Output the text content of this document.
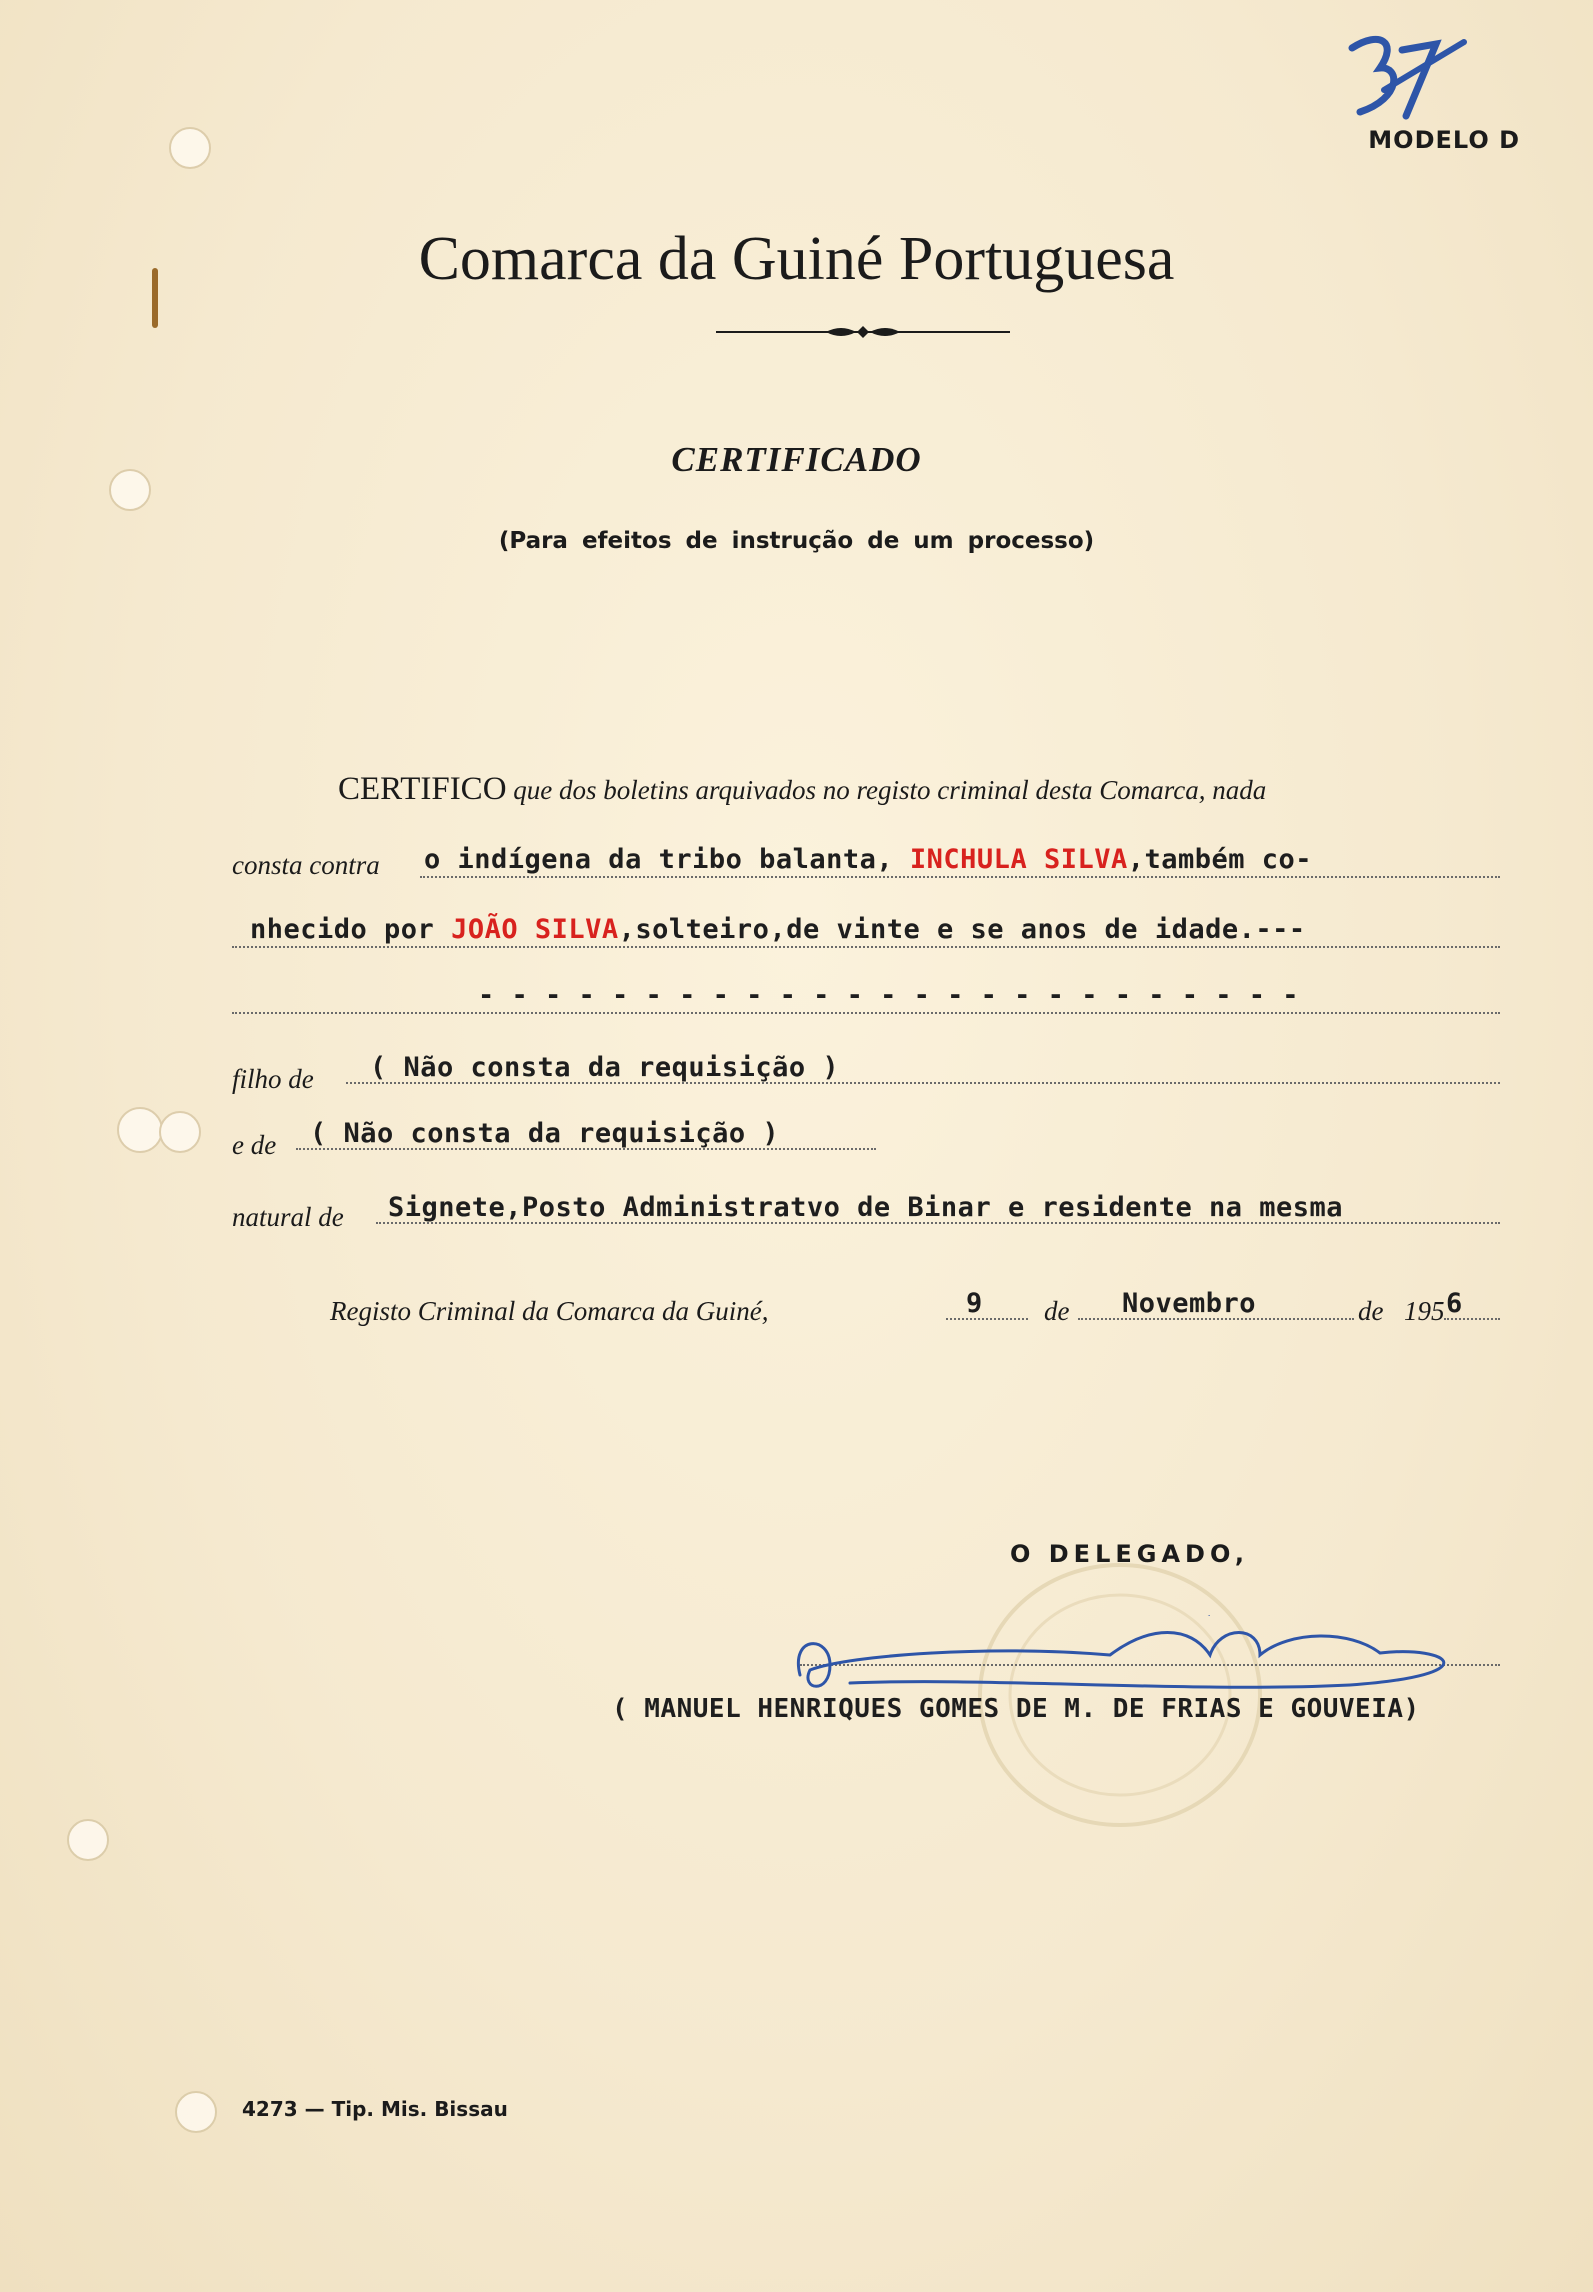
MODELO D
Comarca da Guiné Portuguesa
CERTIFICADO
(Para efeitos de instrução de um processo)
CERTIFICO que dos boletins arquivados no registo criminal desta Comarca, nada
consta contra o indígena da tribo balanta, INCHULA SILVA,também co-
nhecido por JOÃO SILVA,solteiro,de vinte e se anos de idade.---
- - - - - - - - - - - - - - - - - - - - - - - - -
filho de ( Não consta da requisição )
e de ( Não consta da requisição )
natural de Signete,Posto Administratvo de Binar e residente na mesma
Registo Criminal da Comarca da Guiné,	9 de Novembro	de 195 6
O DELEGADO,
( MANUEL HENRIQUES GOMES DE M. DE FRIAS E GOUVEIA)
4273 — Tip. Mis. Bissau
